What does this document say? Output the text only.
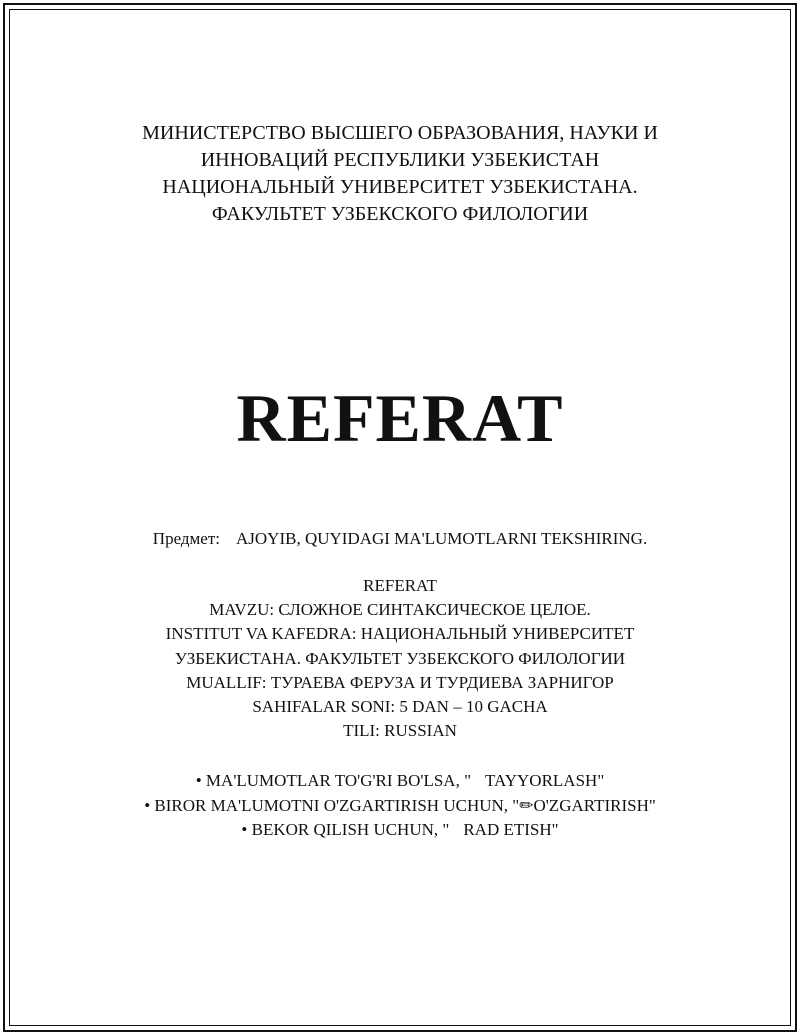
МИНИСТЕРСТВО ВЫСШЕГО ОБРАЗОВАНИЯ, НАУКИ И
ИННОВАЦИЙ РЕСПУБЛИКИ УЗБЕКИСТАН
НАЦИОНАЛЬНЫЙ УНИВЕРСИТЕТ УЗБЕКИСТАНА.
ФАКУЛЬТЕТ УЗБЕКСКОГО ФИЛОЛОГИИ
REFERAT
Предмет: AJOYIB, QUYIDAGI MA'LUMOTLARNI TEKSHIRING.
REFERAT
MAVZU: СЛОЖНОЕ СИНТАКСИЧЕСКОЕ ЦЕЛОЕ.
INSTITUT VA KAFEDRA: НАЦИОНАЛЬНЫЙ УНИВЕРСИТЕТ
УЗБЕКИСТАНА. ФАКУЛЬТЕТ УЗБЕКСКОГО ФИЛОЛОГИИ
MUALLIF: ТУРАЕВА ФЕРУЗА И ТУРДИЕВА ЗАРНИГОР
SAHIFALAR SONI: 5 DAN – 10 GACHA
TILI: RUSSIAN
• MA'LUMOTLAR TO'G'RI BO'LSA, " TAYYORLASH"
• BIROR MA'LUMOTNI O'ZGARTIRISH UCHUN, "✏O'ZGARTIRISH"
• BEKOR QILISH UCHUN, " RAD ETISH"
